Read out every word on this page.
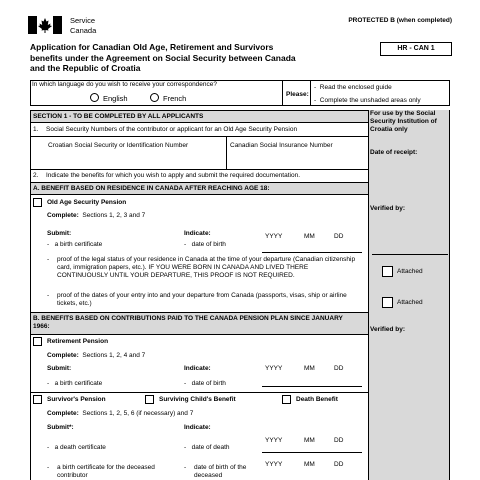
Service
Canada
PROTECTED B (when completed)
HR - CAN 1
Application for Canadian Old Age, Retirement and Survivors benefits under the Agreement on Social Security between Canada and the Republic of Croatia
In which language do you wish to receive your correspondence?
English	French	Please:
- Read the enclosed guide
- Complete the unshaded areas only
For use by the Social Security Institution of Croatia only
Date of receipt:
Verified by:
Attached
Attached
Verified by:
SECTION 1 - TO BE COMPLETED BY ALL APPLICANTS
1. Social Security Numbers of the contributor or applicant for an Old Age Security Pension
Croatian Social Security or Identification Number	Canadian Social Insurance Number
2. Indicate the benefits for which you wish to apply and submit the required documentation.
A. BENEFIT BASED ON RESIDENCE IN CANADA AFTER REACHING AGE 18:
Old Age Security Pension
Complete: Sections 1, 2, 3 and 7
Submit:	Indicate:
- a birth certificate	- date of birth
YYYY	MM	DD
- proof of the legal status of your residence in Canada at the time of your departure (Canadian citizenship card, immigration papers, etc.). IF YOU WERE BORN IN CANADA AND LIVED THERE CONTINUOUSLY UNTIL YOUR DEPARTURE, THIS PROOF IS NOT REQUIRED.
- proof of the dates of your entry into and your departure from Canada (passports, visas, ship or airline tickets, etc.)
B. BENEFITS BASED ON CONTRIBUTIONS PAID TO THE CANADA PENSION PLAN SINCE JANUARY 1966:
Retirement Pension
Complete: Sections 1, 2, 4 and 7
Submit:	Indicate:	YYYY	MM	DD
- a birth certificate	- date of birth
Survivor's Pension	Surviving Child's Benefit	Death Benefit
Complete: Sections 1, 2, 5, 6 (if necessary) and 7
Submit*:	Indicate:
YYYY	MM	DD
- a death certificate	- date of death
YYYY	MM	DD
- a birth certificate for the deceased contributor
- date of birth of the deceased
